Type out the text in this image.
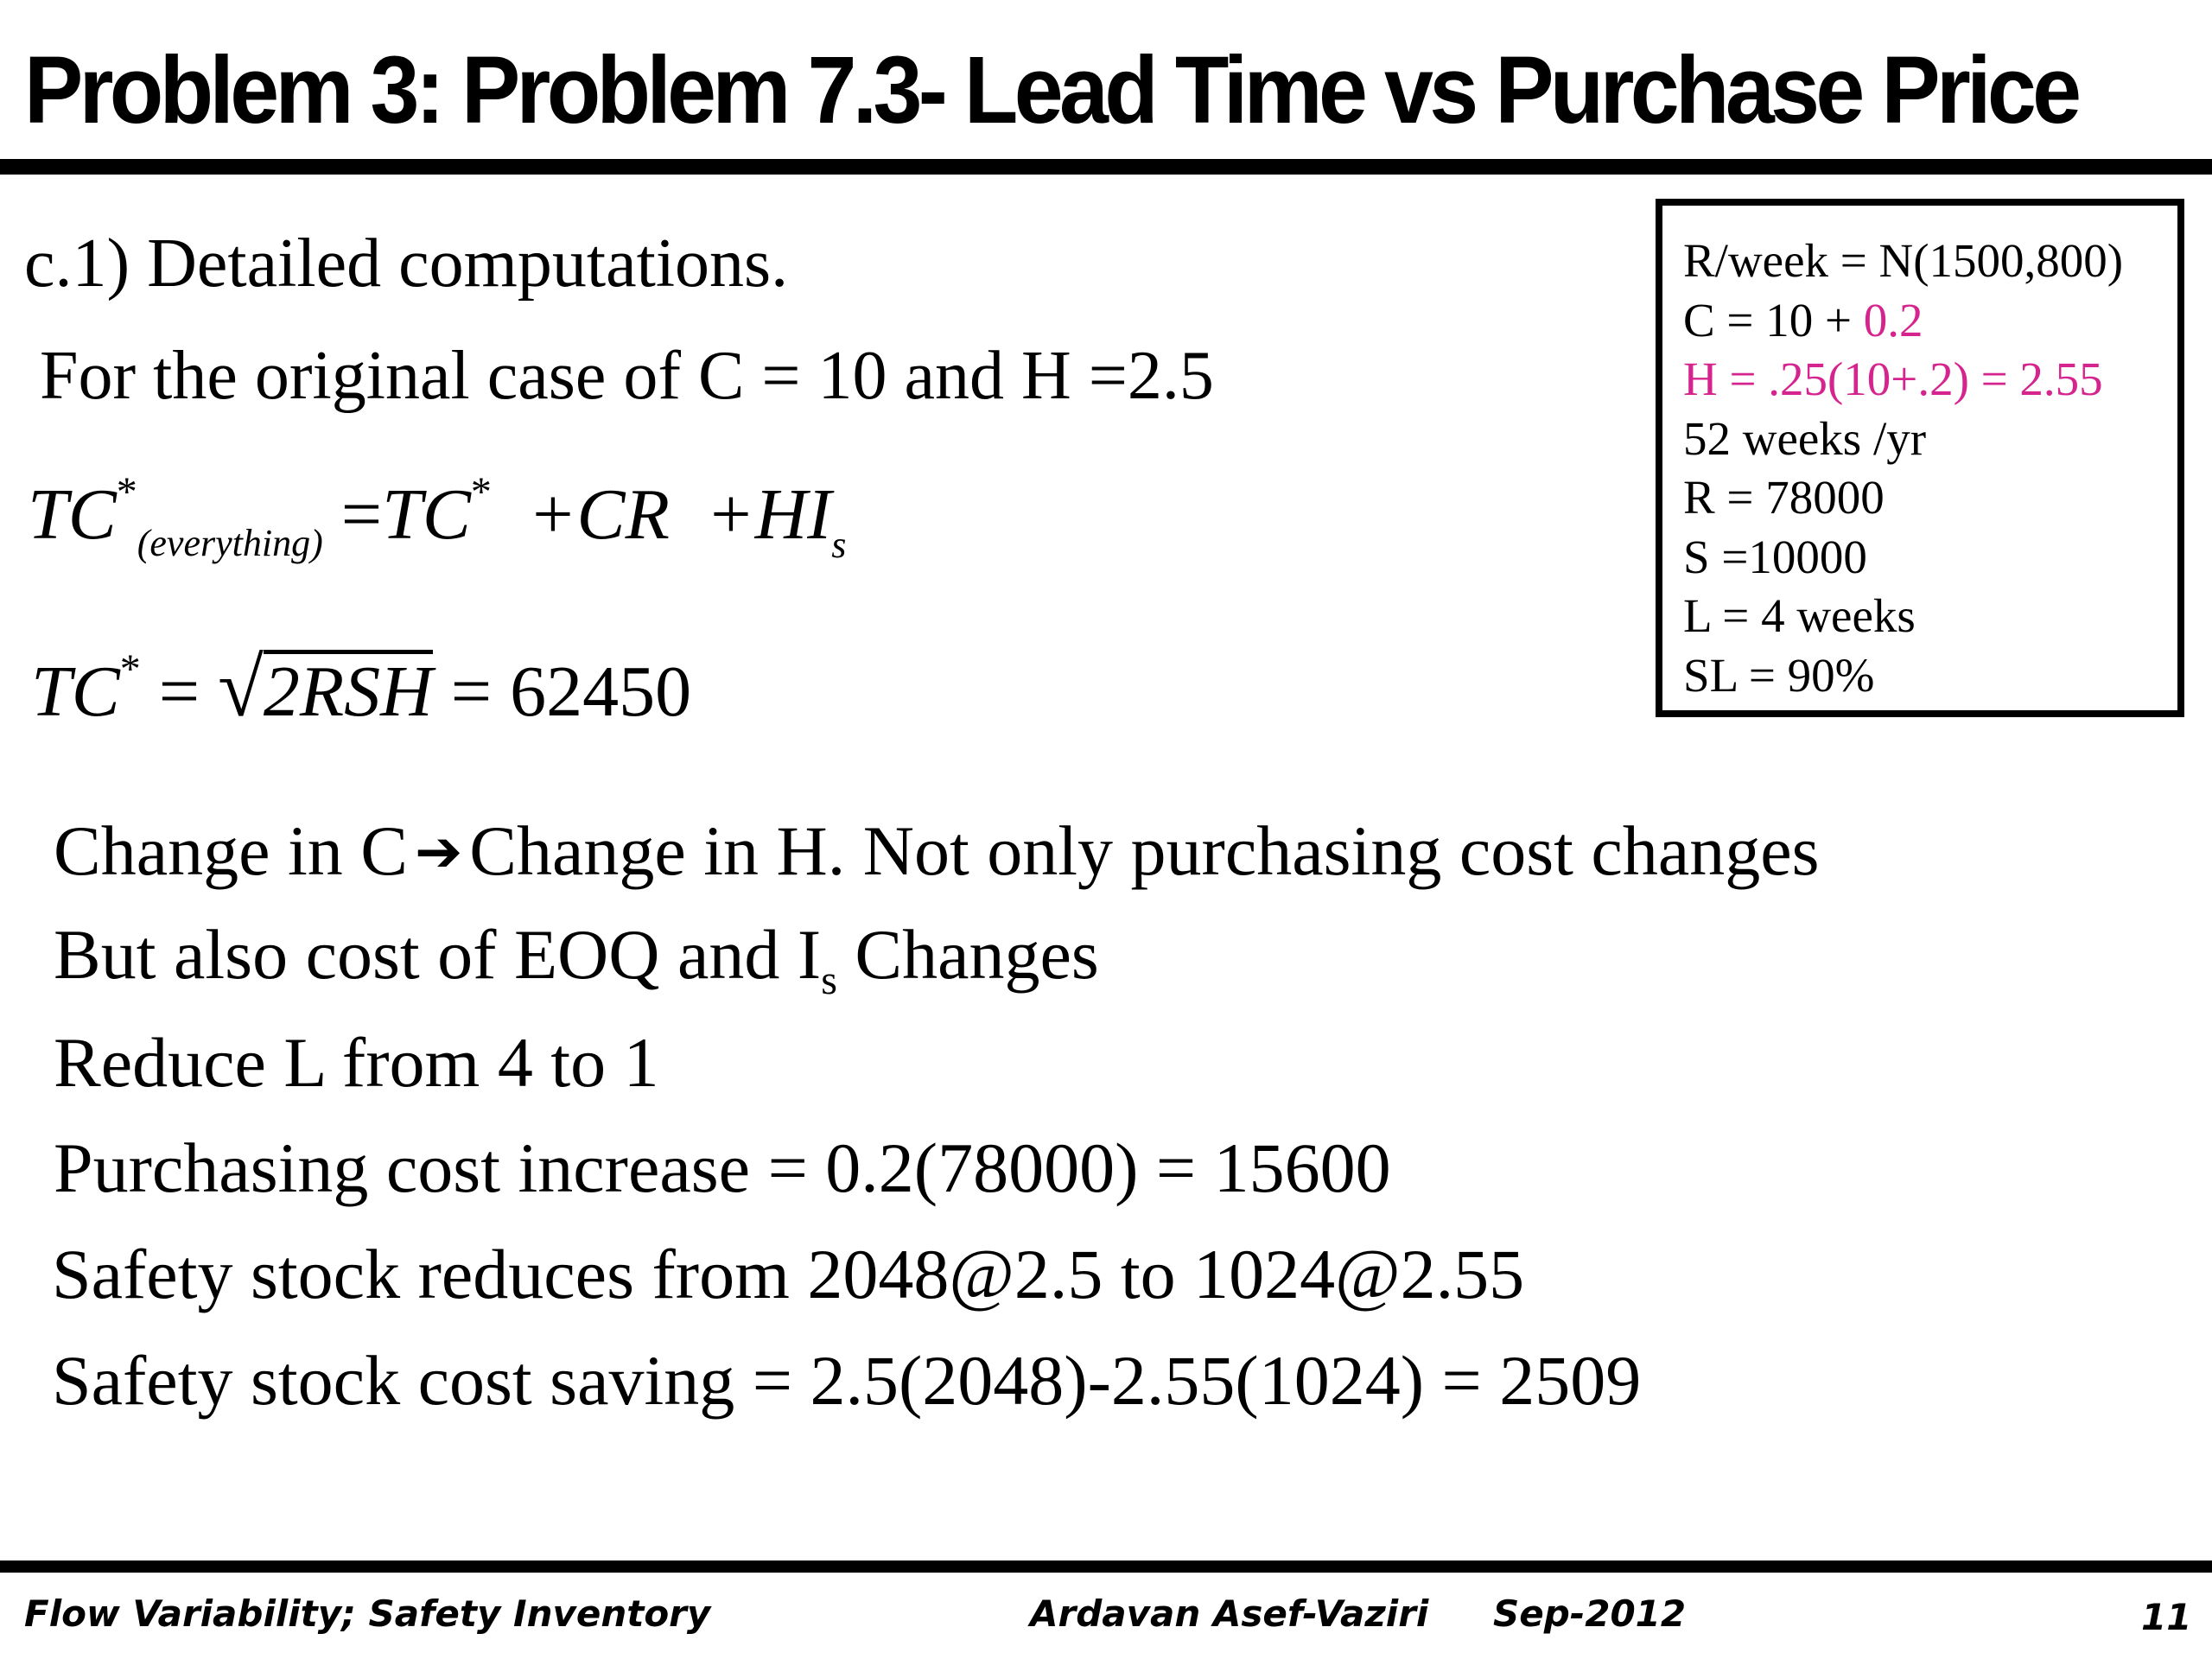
Problem 3: Problem 7.3- Lead Time vs Purchase Price
c.1) Detailed computations.
For the original case of C = 10 and H =2.5
$TC^*_{(everything)} =TC^* +CR +HI_s$
TC* = √2RSH = 62450
R/week = N(1500,800)
C = 10 + 0.2
H = .25(10+.2) = 2.55
52 weeks /yr
R = 78000
S =10000
L = 4 weeks
SL = 90%
Change in C ➔Change in H. Not only purchasing cost changes
But also cost of EOQ and $I_s$ Changes
Reduce L from 4 to 1
Purchasing cost increase = 0.2(78000) = 15600
Safety stock reduces from 2048@2.5 to 1024@2.55
Safety stock cost saving = 2.5(2048)-2.55(1024) = 2509
Flow Variability; Safety Inventory	Ardavan Asef-Vaziri Sep-2012	11
